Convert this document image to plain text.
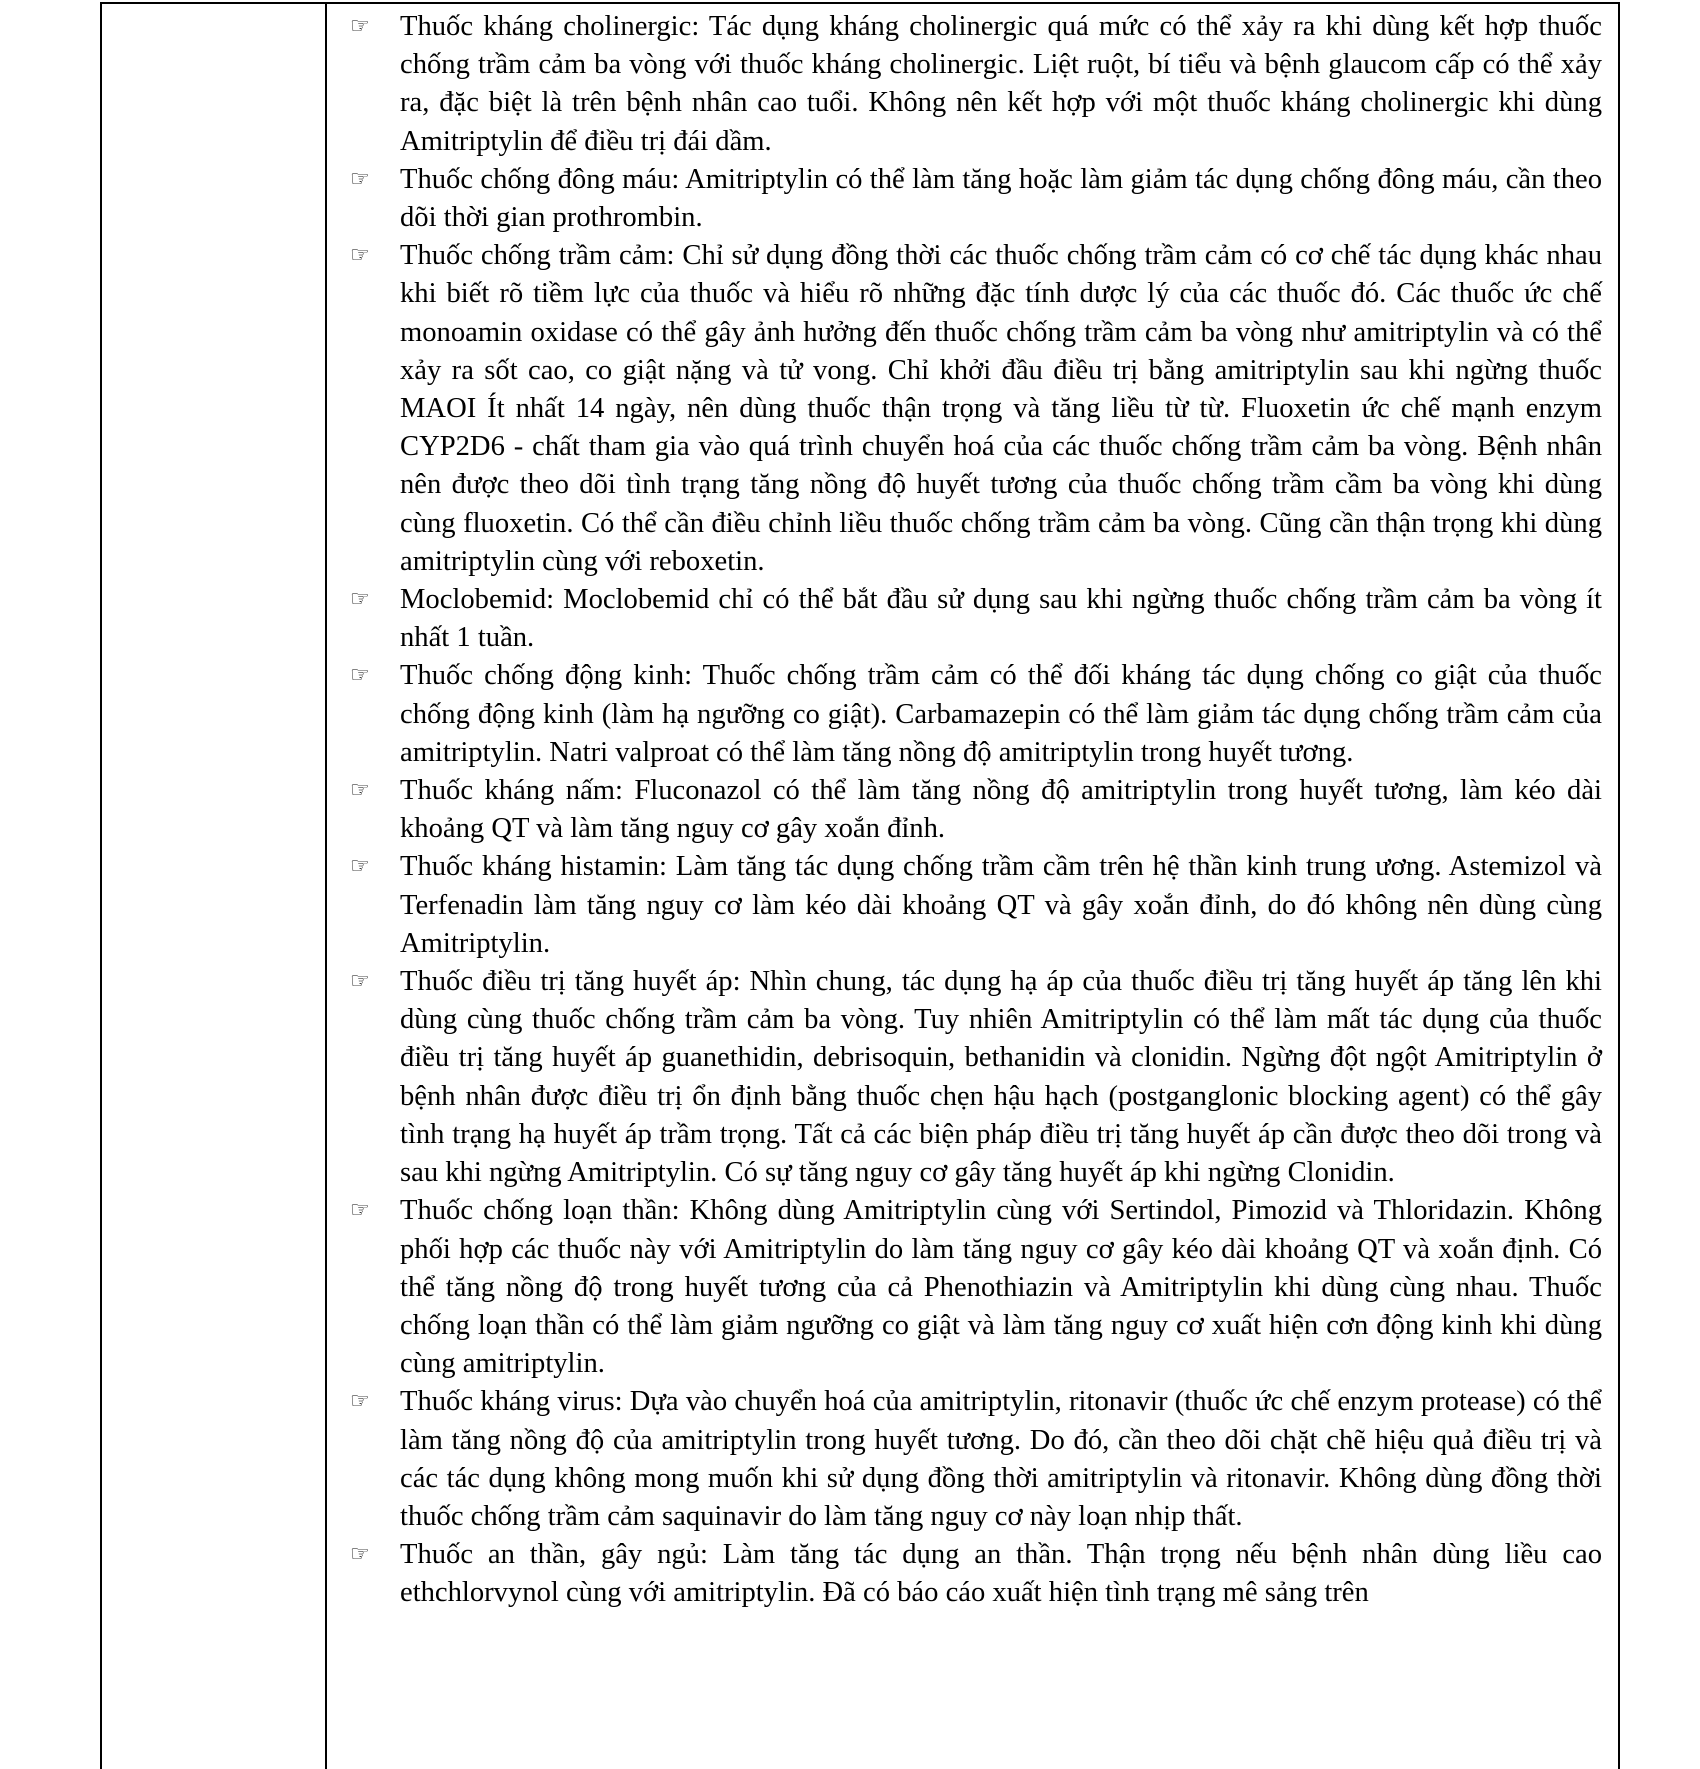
☞ Thuốc kháng cholinergic: Tác dụng kháng cholinergic quá mức có thể xảy ra khi dùng kết hợp thuốc chống trầm cảm ba vòng với thuốc kháng cholinergic. Liệt ruột, bí tiểu và bệnh glaucom cấp có thể xảy ra, đặc biệt là trên bệnh nhân cao tuổi. Không nên kết hợp với một thuốc kháng cholinergic khi dùng Amitriptylin để điều trị đái dầm.
☞ Thuốc chống đông máu: Amitriptylin có thể làm tăng hoặc làm giảm tác dụng chống đông máu, cần theo dõi thời gian prothrombin.
☞ Thuốc chống trầm cảm: Chỉ sử dụng đồng thời các thuốc chống trầm cảm có cơ chế tác dụng khác nhau khi biết rõ tiềm lực của thuốc và hiểu rõ những đặc tính dược lý của các thuốc đó. Các thuốc ức chế monoamin oxidase có thể gây ảnh hưởng đến thuốc chống trầm cảm ba vòng như amitriptylin và có thể xảy ra sốt cao, co giật nặng và tử vong. Chỉ khởi đầu điều trị bằng amitriptylin sau khi ngừng thuốc MAOI Ít nhất 14 ngày, nên dùng thuốc thận trọng và tăng liều từ từ. Fluoxetin ức chế mạnh enzym CYP2D6 - chất tham gia vào quá trình chuyển hoá của các thuốc chống trầm cảm ba vòng. Bệnh nhân nên được theo dõi tình trạng tăng nồng độ huyết tương của thuốc chống trầm cầm ba vòng khi dùng cùng fluoxetin. Có thể cần điều chỉnh liều thuốc chống trầm cảm ba vòng. Cũng cần thận trọng khi dùng amitriptylin cùng với reboxetin.
☞ Moclobemid: Moclobemid chỉ có thể bắt đầu sử dụng sau khi ngừng thuốc chống trầm cảm ba vòng ít nhất 1 tuần.
☞ Thuốc chống động kinh: Thuốc chống trầm cảm có thể đối kháng tác dụng chống co giật của thuốc chống động kinh (làm hạ ngưỡng co giật). Carbamazepin có thể làm giảm tác dụng chống trầm cảm của amitriptylin. Natri valproat có thể làm tăng nồng độ amitriptylin trong huyết tương.
☞ Thuốc kháng nấm: Fluconazol có thể làm tăng nồng độ amitriptylin trong huyết tương, làm kéo dài khoảng QT và làm tăng nguy cơ gây xoắn đỉnh.
☞ Thuốc kháng histamin: Làm tăng tác dụng chống trầm cầm trên hệ thần kinh trung ương. Astemizol và Terfenadin làm tăng nguy cơ làm kéo dài khoảng QT và gây xoắn đỉnh, do đó không nên dùng cùng Amitriptylin.
☞ Thuốc điều trị tăng huyết áp: Nhìn chung, tác dụng hạ áp của thuốc điều trị tăng huyết áp tăng lên khi dùng cùng thuốc chống trầm cảm ba vòng. Tuy nhiên Amitriptylin có thể làm mất tác dụng của thuốc điều trị tăng huyết áp guanethidin, debrisoquin, bethanidin và clonidin. Ngừng đột ngột Amitriptylin ở bệnh nhân được điều trị ổn định bằng thuốc chẹn hậu hạch (postganglonic blocking agent) có thể gây tình trạng hạ huyết áp trầm trọng. Tất cả các biện pháp điều trị tăng huyết áp cần được theo dõi trong và sau khi ngừng Amitriptylin. Có sự tăng nguy cơ gây tăng huyết áp khi ngừng Clonidin.
☞ Thuốc chống loạn thần: Không dùng Amitriptylin cùng với Sertindol, Pimozid và Thloridazin. Không phối hợp các thuốc này với Amitriptylin do làm tăng nguy cơ gây kéo dài khoảng QT và xoắn định. Có thể tăng nồng độ trong huyết tương của cả Phenothiazin và Amitriptylin khi dùng cùng nhau. Thuốc chống loạn thần có thể làm giảm ngưỡng co giật và làm tăng nguy cơ xuất hiện cơn động kinh khi dùng cùng amitriptylin.
☞ Thuốc kháng virus: Dựa vào chuyển hoá của amitriptylin, ritonavir (thuốc ức chế enzym protease) có thể làm tăng nồng độ của amitriptylin trong huyết tương. Do đó, cần theo dõi chặt chẽ hiệu quả điều trị và các tác dụng không mong muốn khi sử dụng đồng thời amitriptylin và ritonavir. Không dùng đồng thời thuốc chống trầm cảm saquinavir do làm tăng nguy cơ này loạn nhịp thất.
☞ Thuốc an thần, gây ngủ: Làm tăng tác dụng an thần. Thận trọng nếu bệnh nhân dùng liều cao ethchlorvynol cùng với amitriptylin. Đã có báo cáo xuất hiện tình trạng mê sảng trên
